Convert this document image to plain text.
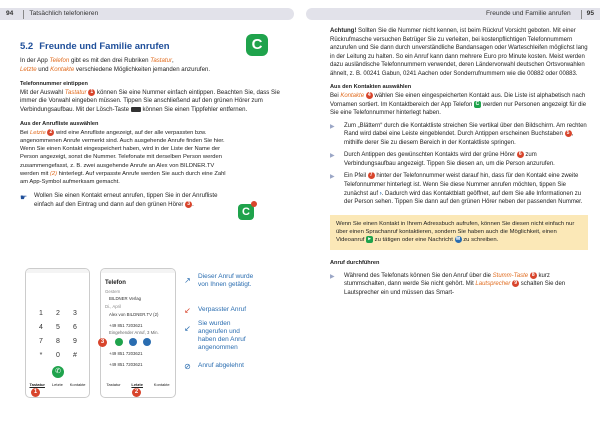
94 Tatsächlich telefonieren	Freunde und Familie anrufen 95
5.2 Freunde und Familie anrufen	C

In der App Telefon gibt es mit den drei Rubriken Tastatur,
Letzte und Kontakte verschiedene Möglichkeiten jemanden anzurufen.

Telefonnummer eintippen

Mit der Auswahl Tastatur 1 können Sie eine Nummer einfach eintippen. Beachten Sie, dass Sie immer die Vorwahl eingeben müssen. Tippen Sie anschließend auf den grünen Hörer zum Verbindungsaufbau. Mit der Lösch-Taste  können Sie einen Tippfehler entfernen.

Aus der Anrufliste auswählen

Bei Letzte 2 wird eine Anrufliste angezeigt, auf der alle verpassten bzw. angenommenen Anrufe vermerkt sind. Auch ausgehende Anrufe finden Sie hier. Wenn Sie einen Kontakt eingespeichert haben, wird in der Liste der Name der Person angezeigt, sonst die Nummer. Telefonate mit derselben Person werden zusammengefasst, z. B. zwei ausgehende Anrufe an Alex von BILDNER.TV werden mit (2) hinterlegt. Auf verpasste Anrufe werden Sie auch durch eine Zahl am App-Symbol aufmerksam gemacht.

C
☛	Wollen Sie einen Kontakt erneut anrufen, tippen Sie in der Anrufliste einfach auf den Eintrag und dann auf den grünen Hörer 3 .

1	2	3
4	5	6
7	8	9
*	0	#
✆
Tastatur Letzte Kontakte
1
Telefon
Gestern
BILDNER Verlag
Di., April
Alex von BILDNER.TV (2)
+49 851 7203621
Eingehender Anruf, 3 Min.
+49 851 7203621
+49 851 7203621
Tastatur	Letzte	Kontakte
2
3
↗ Dieser Anruf wurde von Ihnen getätigt.
↙ Verpasster Anruf
↙
Sie wurden angerufen und haben den Anruf angenommen
⊘ Anruf abgelehnt

Achtung! Sollten Sie die Nummer nicht kennen, ist beim Rückruf Vorsicht geboten. Mit einer Rückrufmasche versuchen Betrüger Sie zu verleiten, bei kostenpflichtigen Telefonnummern anzurufen und Sie dann durch unverständliche Bandansagen oder Warteschleifen möglichst lang in der Leitung zu halten. So ein Anruf kann dann mehrere Euro pro Minute kosten. Meist werden dazu ausländische Telefonnummern verwendet, deren Ländervorwahl deutschen Ortsvorwahlen ähnelt, z. B. 00241 Gabun, 0241 Aachen oder Sonderrufnummern wie die 00882 oder 00883.

Aus den Kontakten auswählen

Bei Kontakte 4 wählen Sie einen eingespeicherten Kontakt aus. Die Liste ist alphabetisch nach Vornamen sortiert. Im Kontaktbereich der App Telefon C werden nur Personen angezeigt für die Sie eine Telefonnummer hinterlegt haben.

▶	Zum „Blättern“ durch die Kontaktliste streichen Sie vertikal über den Bildschirm. Am rechten Rand wird dabei eine Leiste eingeblendet. Durch Antippen erscheinen Buchstaben 5 , mithilfe derer Sie zu diesem Bereich in der Kontaktliste springen.

▶	Durch Antippen des gewünschten Kontakts wird der grüne Hörer 6 zum Verbindungsaufbau angezeigt. Tippen Sie diesen an, um die Person anzurufen.

▶	Ein Pfeil 7 hinter der Telefonnummer weist darauf hin, dass für den Kontakt eine zweite Telefonnummer hinterlegt ist. Wenn Sie diese Nummer anrufen möchten, tippen Sie zunächst auf ›. Dadurch wird das Kontaktblatt geöffnet, auf dem Sie alle Informationen zu der Person sehen. Tippen Sie dann auf den grünen Hörer neben der passenden Nummer.

Wenn Sie einen Kontakt in Ihrem Adressbuch aufrufen, können Sie diesen nicht einfach nur über einen Sprachanruf kontaktieren, sondern Sie haben auch die Möglichkeit, einen Videoanruf ▸ zu tätigen oder eine Nachricht ✉ zu schreiben.
Anruf durchführen
▶	Während des Telefonats können Sie den Anruf über die Stumm-Taste 8 kurz stummschalten, dann werde Sie nicht gehört. Mit Lautsprecher 9 schalten Sie den Lautsprecher ein und müssen das Smart-
